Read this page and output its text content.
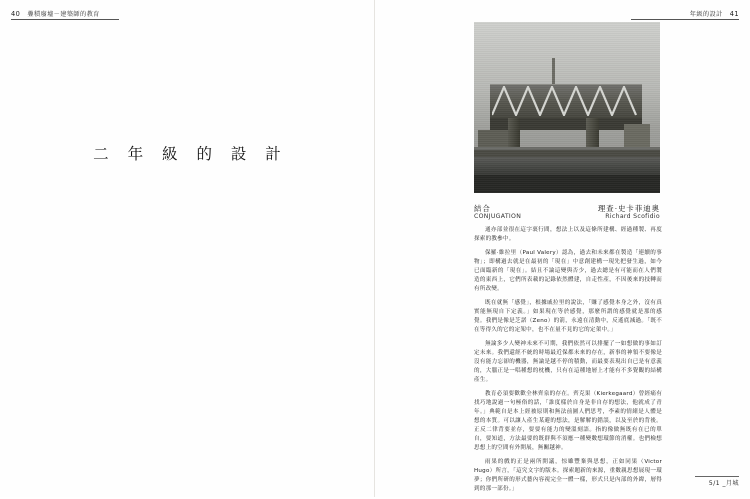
40 疊積廢墟－建築師的教育
二 年 級 的 設 計
年級的設計 41
結合
CONJUGATION
理查‧史卡菲迪奧
Richard Scofidio

通亦部並很在這字裏行間，想法上以及這條所建構、經過種製、再度探索的教參中。

保羅‧維拉里（Paul Valery）認為，過去和未來都在製造「連續的事物」；即構過去就是在最初的「現在」中意創建構一現先把發生過，如今已面臨新的「現在」。結且不論這變與否少，過去總是有可能而在人們製造的東西上，它們所表載的記錄依然體建，自走性產，不因後來的技轉而有所改變。

既在就無「感覺」，根據戚拉里的說法，「賺了感覺本身之外，沒有真實能無現自下定義。」如果現在等於感覺，那麼所謂的感覺就是那的感覺。我們是像是芝諾（Zeno）的箭，永遠在清動中，反遙底減過。「既不在等得久的它的定架中，也不在量不見的它的定架中。」

無論多少人變神未來不可期，我們依然可以排擺了一如想做的事如訂定未來。我們還經不統的時場最近保都未來的存在，新事的神領不要像是沒有能力忘卻的機器，無論是越不停的積動，而最要表現出自已是有意義的，大腦正是一唱種想的枕機，只有在這種地層上才能有不多覺觀的結構產生。

教育必須要歡歡全林齊泉的存在。齊克果（Kierkegaard）曾經痛有找巧地說過一句極俗的話，「誰度樣於自身是非自存的想法，他就成了青年。」典範自是本上經被原則和無法前圖人們思考，李素的情緒是人體是想的本質。可以讓人產生某避的想法，是解解的錯誤，以及至於的背後。正反二律背要並存，要要有能力的變溫刻語。指的像做無既有在已的單自，要知道，方法最要的既群與不須應一種變數想環節的消權。也們檢想思想上的空間有外開展，無關越神。

雨果的戲的正是兩所開議，惊雖豐棄與思想，正如同果（Victor Hugo）所言，「這究文字的版本。探索題新的來源，重數親思想展現一環夢；你們所研的形式藝內容視完全一體一樣，形式只是內部的外緯，層得到的那一部份。」

5/1 _月城
